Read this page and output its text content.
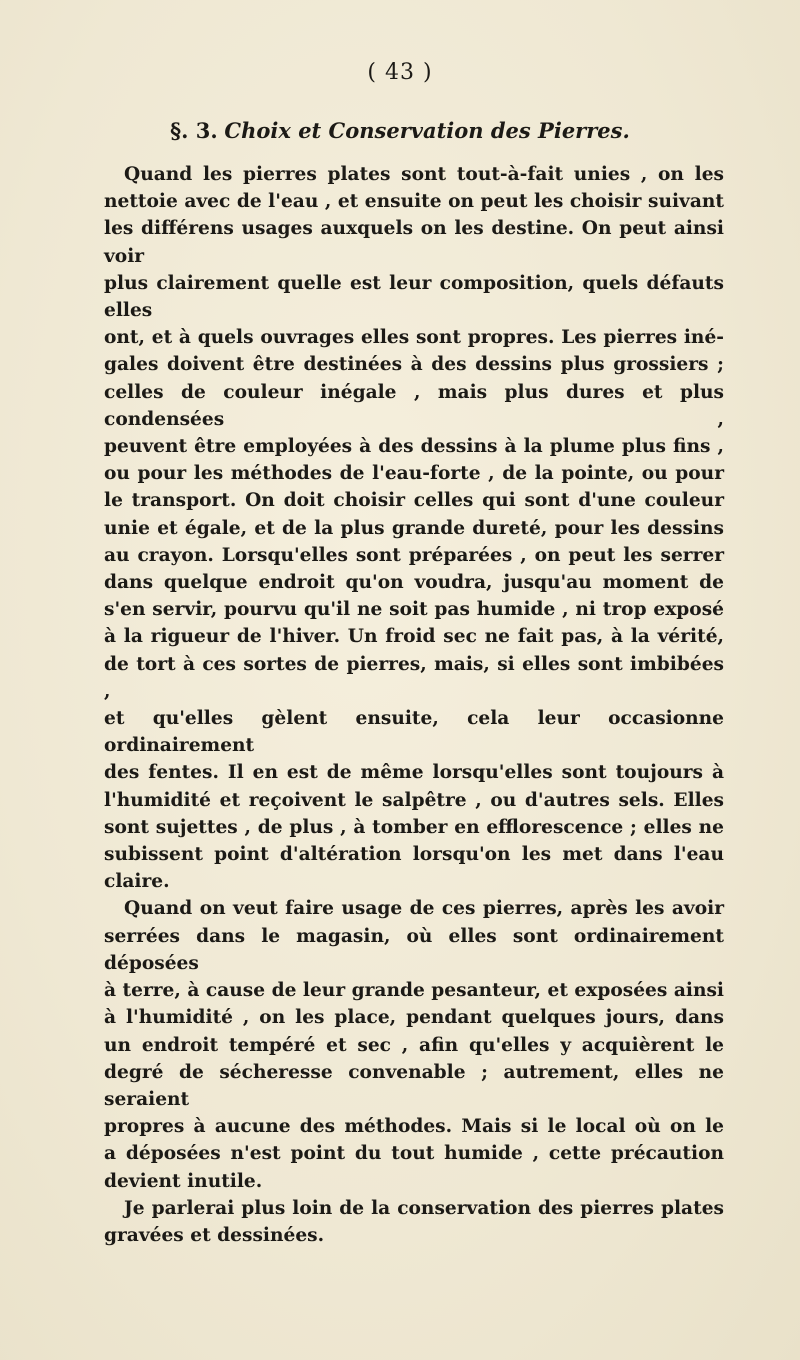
( 43 )
§. 3. Choix et Conservation des Pierres.

Quand les pierres plates sont tout-à-fait unies , on les

nettoie avec de l'eau , et ensuite on peut les choisir suivant

les différens usages auxquels on les destine. On peut ainsi voir

plus clairement quelle est leur composition, quels défauts elles

ont, et à quels ouvrages elles sont propres. Les pierres iné-

gales doivent être destinées à des dessins plus grossiers ;

celles de couleur inégale , mais plus dures et plus condensées ,

peuvent être employées à des dessins à la plume plus fins ,

ou pour les méthodes de l'eau-forte , de la pointe, ou pour

le transport. On doit choisir celles qui sont d'une couleur

unie et égale, et de la plus grande dureté, pour les dessins

au crayon. Lorsqu'elles sont préparées , on peut les serrer

dans quelque endroit qu'on voudra, jusqu'au moment de

s'en servir, pourvu qu'il ne soit pas humide , ni trop exposé

à la rigueur de l'hiver. Un froid sec ne fait pas, à la vérité,

de tort à ces sortes de pierres, mais, si elles sont imbibées ,

et qu'elles gèlent ensuite, cela leur occasionne ordinairement

des fentes. Il en est de même lorsqu'elles sont toujours à

l'humidité et reçoivent le salpêtre , ou d'autres sels. Elles

sont sujettes , de plus , à tomber en efflorescence ; elles ne

subissent point d'altération lorsqu'on les met dans l'eau claire.

Quand on veut faire usage de ces pierres, après les avoir

serrées dans le magasin, où elles sont ordinairement déposées

à terre, à cause de leur grande pesanteur, et exposées ainsi

à l'humidité , on les place, pendant quelques jours, dans

un endroit tempéré et sec , afin qu'elles y acquièrent le

degré de sécheresse convenable ; autrement, elles ne seraient

propres à aucune des méthodes. Mais si le local où on le

a déposées n'est point du tout humide , cette précaution

devient inutile.

Je parlerai plus loin de la conservation des pierres plates

gravées et dessinées.
